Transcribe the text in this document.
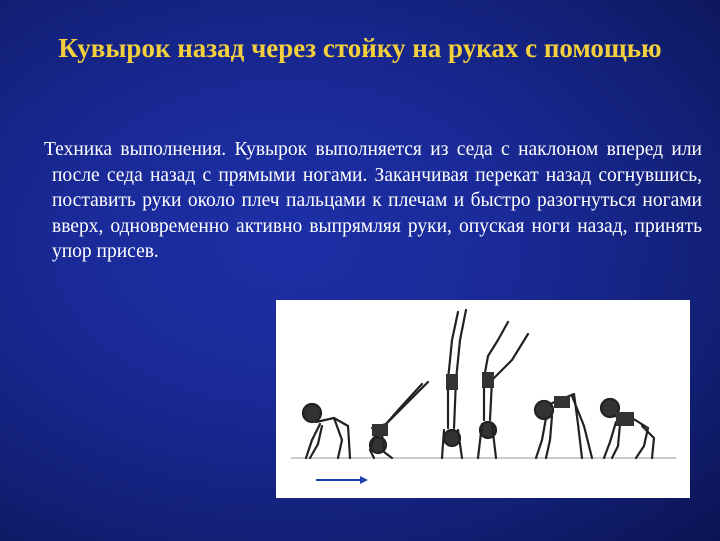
Кувырок назад через стойку на руках с помощью

Техника выполнения. Кувырок выполняется из седа с наклоном вперед или после седа назад с прямыми ногами. Заканчивая перекат назад согнувшись, поставить руки около плеч пальцами к плечам и быстро разогнуться ногами вверх, одновременно активно выпрямляя руки, опуская ноги назад, принять упор присев.
